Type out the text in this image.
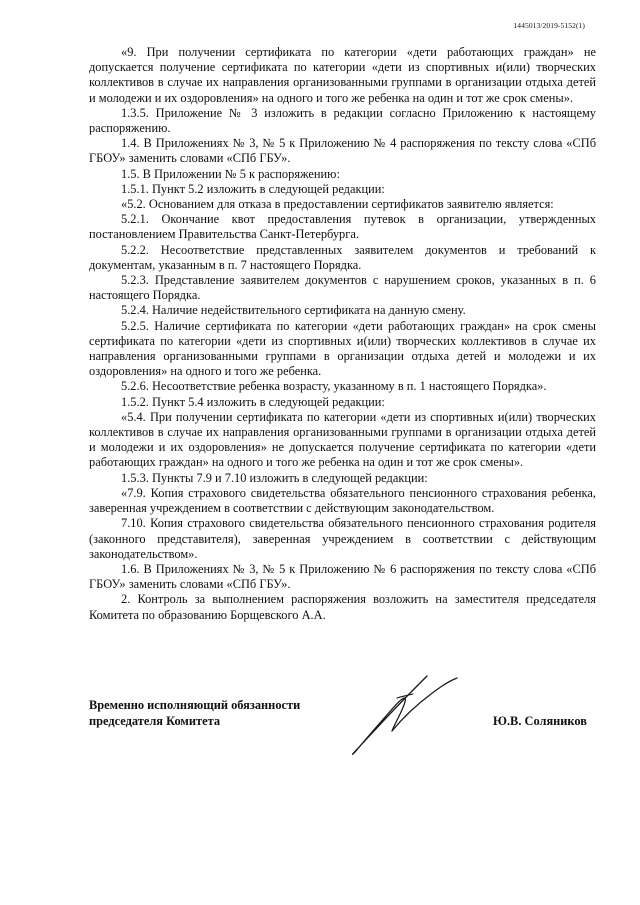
1445013/2019-5152(1)

«9. При получении сертификата по категории «дети работающих граждан» не допускается получение сертификата по категории «дети из спортивных и(или) творческих коллективов в случае их направления организованными группами в организации отдыха детей и молодежи и их оздоровления» на одного и того же ребенка на один и тот же срок смены».

1.3.5. Приложение № 3 изложить в редакции согласно Приложению к настоящему распоряжению.

1.4. В Приложениях № 3, № 5 к Приложению № 4 распоряжения по тексту слова «СПб ГБОУ» заменить словами «СПб ГБУ».

1.5. В Приложении № 5 к распоряжению:

1.5.1. Пункт 5.2 изложить в следующей редакции:

«5.2. Основанием для отказа в предоставлении сертификатов заявителю является:

5.2.1. Окончание квот предоставления путевок в организации, утвержденных постановлением Правительства Санкт-Петербурга.

5.2.2. Несоответствие представленных заявителем документов и требований к документам, указанным в п. 7 настоящего Порядка.

5.2.3. Представление заявителем документов с нарушением сроков, указанных в п. 6 настоящего Порядка.

5.2.4. Наличие недействительного сертификата на данную смену.

5.2.5. Наличие сертификата по категории «дети работающих граждан» на срок смены сертификата по категории «дети из спортивных и(или) творческих коллективов в случае их направления организованными группами в организации отдыха детей и молодежи и их оздоровления» на одного и того же ребенка.

5.2.6. Несоответствие ребенка возрасту, указанному в п. 1 настоящего Порядка».

1.5.2. Пункт 5.4 изложить в следующей редакции:

«5.4. При получении сертификата по категории «дети из спортивных и(или) творческих коллективов в случае их направления организованными группами в организации отдыха детей и молодежи и их оздоровления» не допускается получение сертификата по категории «дети работающих граждан» на одного и того же ребенка на один и тот же срок смены».

1.5.3. Пункты 7.9 и 7.10 изложить в следующей редакции:

«7.9. Копия страхового свидетельства обязательного пенсионного страхования ребенка, заверенная учреждением в соответствии с действующим законодательством.

7.10. Копия страхового свидетельства обязательного пенсионного страхования родителя (законного представителя), заверенная учреждением в соответствии с действующим законодательством».

1.6. В Приложениях № 3, № 5 к Приложению № 6 распоряжения по тексту слова «СПб ГБОУ» заменить словами «СПб ГБУ».

2. Контроль за выполнением распоряжения возложить на заместителя председателя Комитета по образованию Борщевского А.А.

Временно исполняющий обязанности
председателя Комитета	Ю.В. Соляников
